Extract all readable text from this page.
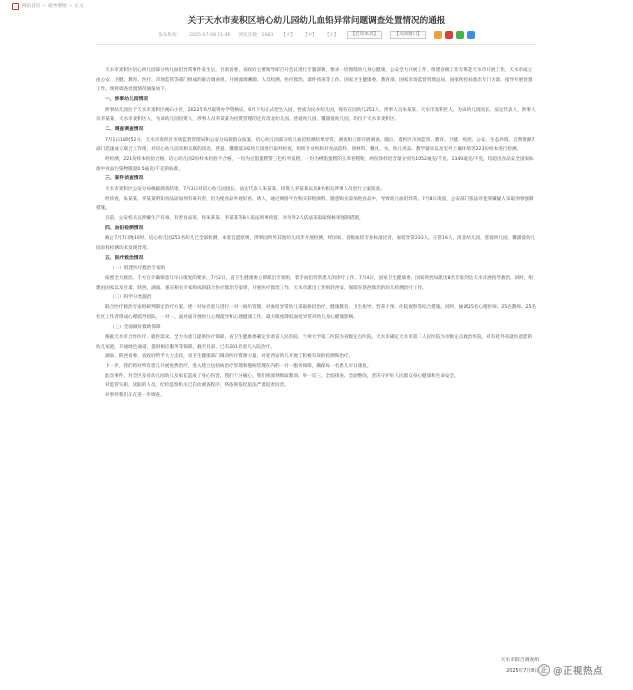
网站首页 > 政务要闻 > 正文
关于天水市麦积区培心幼儿园幼儿血铅异常问题调查处置情况的通报
发布机构： 2025-07-08 11:46 浏览次数：1683 【大】 【中】 【小】	【打印本页】	【关闭窗口】

天水市麦积区培心幼儿园部分幼儿血铅异常事件发生后，甘肃省委、省政府主要领导即召开会议进行专题部署，要求一切围绕幼儿身心健康，公安全力开展工作，组建省级工作专班赴天水市开展工作。天水市成立由公安、卫健、教育、医疗、市场监管等部门组成的联合调查组，开展流调溯源、人员检测、医疗救治、案件侦查等工作。国家卫生健康委、教育部、国家市场监督管理总局、国家疾控局派出专门力量，指导开展处置工作。现将调查处置情况通报如下。

一、涉事幼儿园情况

涉事幼儿园位于天水市麦积区褐石小区，2022年6月取得办学资格证，6月下旬正式招生入园，性质为民办幼儿园，现有在园幼儿251人，涉事人员朱某某、天水市麦积区人，为该幼儿园园长、法定代表人，涉事人员李某某，天水市麦积区人，为该幼儿园投资人，涉事人员李某某为投资管理的还有清北幼儿园、慈爱幼儿园、馨甜爱幼儿园，均位于天水市麦积区。

二、调查调查情况

7月1日18时52分，天水市麦积区市场监督管理局和公安分局接群众报案，培心幼儿园部分幼儿血铅检测结果异常，调查组立即开展调查。随后，麦积区市场监管、教育、卫健、疾控、公安、生态环境、自然资源7部门迅速成立联合工作组，对培心幼儿园及相关联的清北、慈爱、馨甜爱3家幼儿园进行取样检查，组织专业机构对食品留样、原材料、餐具、水、幼儿用品、教学器具以及室外土壤环境等223份样本进行检测。

经检测，221份样本检验合格，培心幼儿园2份样本检验不合格，一份为豆馅蛋糕带三色红枣发糕，一份为桃馅蛋糕的玉米卷糕粉，两份涂样铅含量分别为1052毫克/千克、1340毫克/千克，均超出食品安全国家标准中食品污染物限量0.5毫克/千克的标准。

三、案件侦查情况

天水市麦积区公安分局根据调查结果，7月3日对培心幼儿园园长、法定代表人朱某某，投资人李某某以及8名相关涉事人员进行立案侦查。

经侦查，朱某某、李某某明知食品添加剂有毒有害，但为使食品外观好看、诱人，通过网络平台购买彩绘颜料，随意购买添加进食品中，导致幼儿血铅异常。7月8日凌晨，公安部门依法对犯罪嫌疑人采取刑事强制措施。

目前，公安机关以涉嫌生产有毒、有害食品罪，将朱某某、李某某等8人依法刑事拘留，对另外2人依法采取取保候审强制措施。

四、血铅检测情况

截止7月7日晚10时，培心幼儿园251名幼儿已全部检测，本着自愿原则，涉事园所外其他幼儿同步开展检测，经国家、省级血铅专业标准比对，血铅异常233人，正常16人，清北幼儿园、慈爱幼儿园、馨甜爱幼儿园采样检测均未发现异常。

五、医疗救治情况

（一）组建医疗救治专家组

按照全力救治、千方百计确保患儿早日康复的要求，7月2日，省卫生健康委立即派出专家组，着手血铅异常患儿的诊疗工作。7月4日，国家卫生健康委、国家疾控局派出8名专家到达天水开展指导救治，同时，组建由国家以及甘肃、陕西、湖南、重庆相关专家组成的联合医疗救治专家组，开展医疗救治工作，天水市派出工作组赴西安，保障在陕西救治的幼儿检测治疗工作。

（二）科学分类施治

联合医疗救治专家组研判制定治疗方案，逐一对每名患儿进行一对一病历管理，对血铅异常幼儿采取驱铅治疗、健康教育、卫生指导、营养干预、住院观察等综合措施。同时，抽调25名心理医师、25名教师、25名社区工作者组成心理疏导团队，一对一、面对面开展幼儿心理疏导和心理健康工作，最大限度降低血铅异常对幼儿身心健康影响。

（三）全面做好救助保障

根据天水市合作医疗、就医需求，全力为患儿提供医疗保障，省卫生健康委确定甘肃省人民医院、兰州大学第二医院为省级定点医院，天水市确定天水市第二人民医院为市级定点救治医院，对有赴外省就医意愿的幼儿家庭，开通绿色通道、提供相应服务等保障。截至目前，已有201名患儿入院治疗。

湖南、陕西省委、省政府给予大力支持，省卫生健康部门调动医疗资源力量，对赴西安幼儿开展了积极有效的检测和治疗。

下一步，我们将对所有患儿开展免费治疗，进入建立包括病治疗管理和慢病管理在内的一对一服务保障，确保每一名患儿早日康复。

此次事件，对全区及省幼儿园幼儿及家长造成了身心伤害，我们十分痛心。我们将深刻吸取教训，举一反三，全面排查、全面整改，坚决守护好人民群众身心健康和生命安全。

对监管失职、渎职的人员，纪检监察机关已启动调查程序，将依规依纪依法严肃追责问责。

对事件我们正在进一步调查。

天水市联合调查组
2025年7月8日 正 @正视热点
